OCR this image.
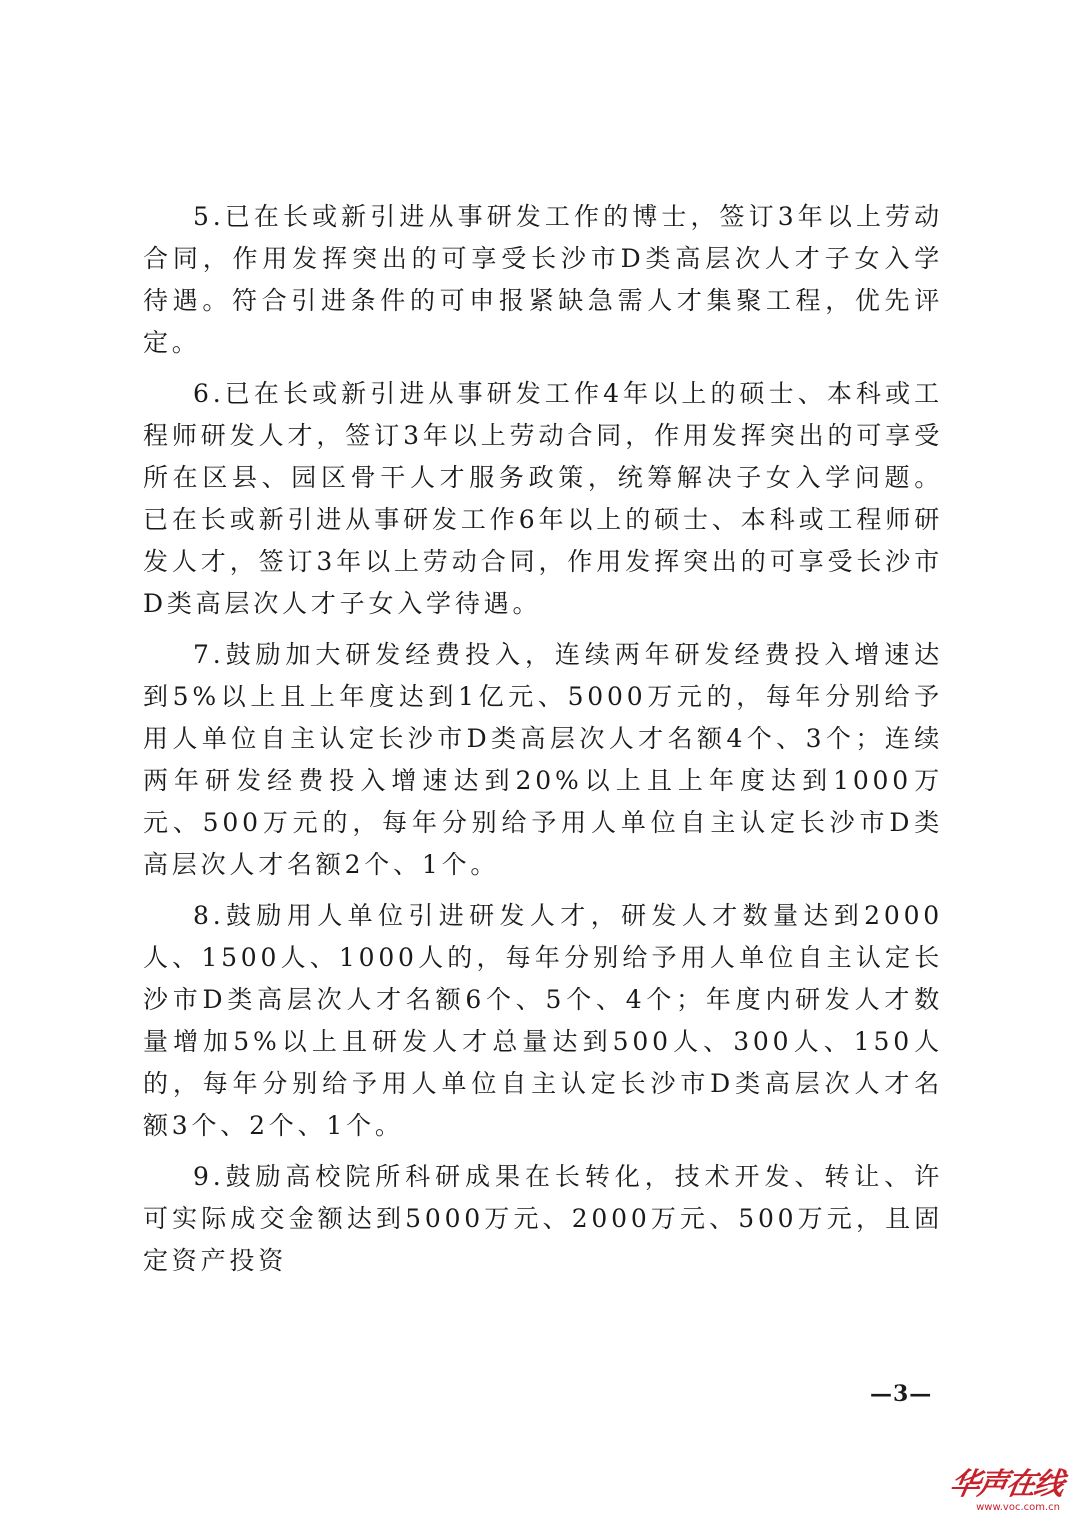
5.已在长或新引进从事研发工作的博士，签订3年以上劳动合同，作用发挥突出的可享受长沙市D类高层次人才子女入学待遇。符合引进条件的可申报紧缺急需人才集聚工程，优先评定。

6.已在长或新引进从事研发工作4年以上的硕士、本科或工程师研发人才，签订3年以上劳动合同，作用发挥突出的可享受所在区县、园区骨干人才服务政策，统筹解决子女入学问题。已在长或新引进从事研发工作6年以上的硕士、本科或工程师研发人才，签订3年以上劳动合同，作用发挥突出的可享受长沙市D类高层次人才子女入学待遇。

7.鼓励加大研发经费投入，连续两年研发经费投入增速达到5%以上且上年度达到1亿元、5000万元的，每年分别给予用人单位自主认定长沙市D类高层次人才名额4个、3个；连续两年研发经费投入增速达到20%以上且上年度达到1000万元、500万元的，每年分别给予用人单位自主认定长沙市D类高层次人才名额2个、1个。

8.鼓励用人单位引进研发人才，研发人才数量达到2000人、1500人、1000人的，每年分别给予用人单位自主认定长沙市D类高层次人才名额6个、5个、4个；年度内研发人才数量增加5%以上且研发人才总量达到500人、300人、150人的，每年分别给予用人单位自主认定长沙市D类高层次人才名额3个、2个、1个。

9.鼓励高校院所科研成果在长转化，技术开发、转让、许可实际成交金额达到5000万元、2000万元、500万元，且固定资产投资

—3—
华声在线
www.voc.com.cn
